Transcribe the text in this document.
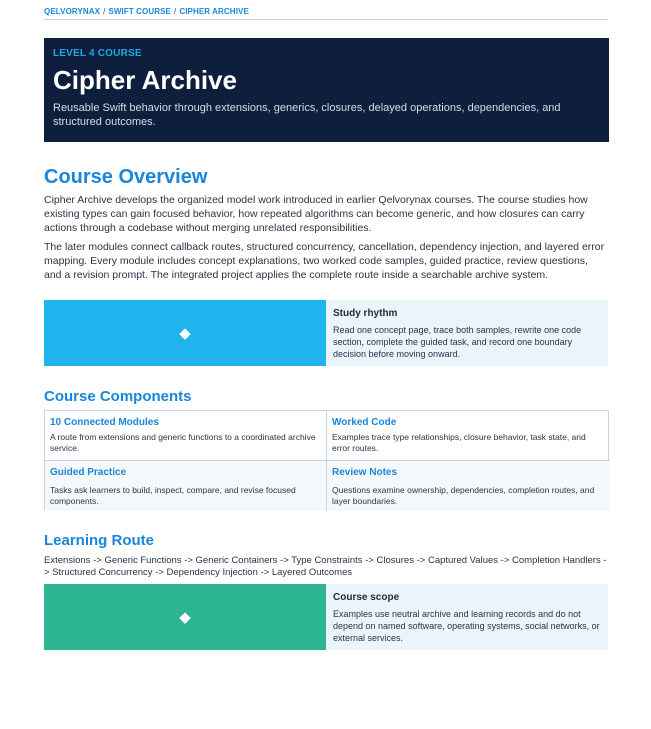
QELVORYNAX / SWIFT COURSE / CIPHER ARCHIVE
LEVEL 4 COURSE
Cipher Archive

Reusable Swift behavior through extensions, generics, closures, delayed operations, dependencies, and structured outcomes.

Course Overview

Cipher Archive develops the organized model work introduced in earlier Qelvorynax courses. The course studies how existing types can gain focused behavior, how repeated algorithms can become generic, and how closures can carry actions through a codebase without merging unrelated responsibilities.

The later modules connect callback routes, structured concurrency, cancellation, dependency injection, and layered error mapping. Every module includes concept explanations, two worked code samples, guided practice, review questions, and a revision prompt. The integrated project applies the complete route inside a searchable archive system.

◆
Study rhythm
Read one concept page, trace both samples, rewrite one code section, complete the guided task, and record one boundary decision before moving onward.
Course Components
10 Connected Modules
A route from extensions and generic functions to a coordinated archive service.
Worked Code
Examples trace type relationships, closure behavior, task state, and error routes.
Guided Practice
Tasks ask learners to build, inspect, compare, and revise focused components.
Review Notes
Questions examine ownership, dependencies, completion routes, and layer boundaries.
Learning Route

Extensions -> Generic Functions -> Generic Containers -> Type Constraints -> Closures -> Captured Values -> Completion Handlers -> Structured Concurrency -> Dependency Injection -> Layered Outcomes

◆
Course scope
Examples use neutral archive and learning records and do not depend on named software, operating systems, social networks, or external services.
